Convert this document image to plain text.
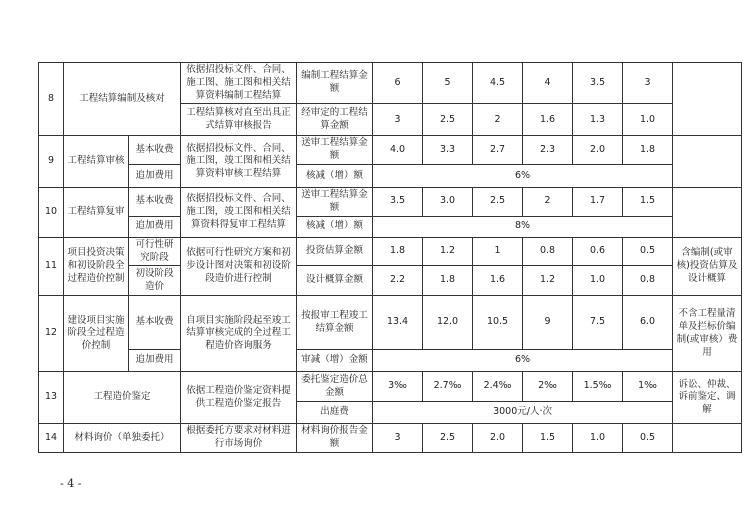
8	工程结算编制及核对		依据招投标文件、合同、施工图、施工图和相关结算资料编制工程结算	编制工程结算金额	6	5	4.5	4	3.5	3	
			工程结算核对直至出具正式结算审核报告	经审定的工程结算金额	3	2.5	2	1.6	1.3	1.0	
9	工程结算审核	基本收费	依据招投标文件、合同、施工图，竣工图和相关结算资料审核工程结算	送审工程结算金额	4.0	3.3	2.7	2.3	2.0	1.8	
		追加费用		核减（增）额	6%						
10	工程结算复审	基本收费	依据招投标文件、合同、施工图，竣工图和相关结算资料得复审工程结算	送审工程结算金额	3.5	3.0	2.5	2	1.7	1.5	
		追加费用		核减（增）额	8%						
11	项目投资决策和初设阶段全过程造价控制	可行性研究阶段	依据可行性研究方案和初步设计图对决策和初设阶段造价进行控制	投资估算金额	1.8	1.2	1	0.8	0.6	0.5	含编制(或审核)投资估算及设计概算
		初设阶段造价		设计概算金额	2.2	1.8	1.6	1.2	1.0	0.8	
12	建设项目实施阶段全过程造价控制	基本收费	自项目实施阶段起至竣工结算审核完成的全过程工程造价咨询服务	按报审工程竣工结算金额	13.4	12.0	10.5	9	7.5	6.0	不含工程量清单及拦标价编制(或审核）费用
		追加费用		审减（增）金额	6%						
13	工程造价鉴定		依据工程造价鉴定资料提供工程造价鉴定报告	委托鉴定造价总金额	3‰	2.7‰	2.4‰	2‰	1.5‰	1‰	诉讼、仲裁、诉前鉴定、调解
				出庭费	3000元/人·次						
14	材料询价（单独委托）		根据委托方要求对材料进行市场询价	材料询价报告金额	3	2.5	2.0	1.5	1.0	0.5	
- 4 -
